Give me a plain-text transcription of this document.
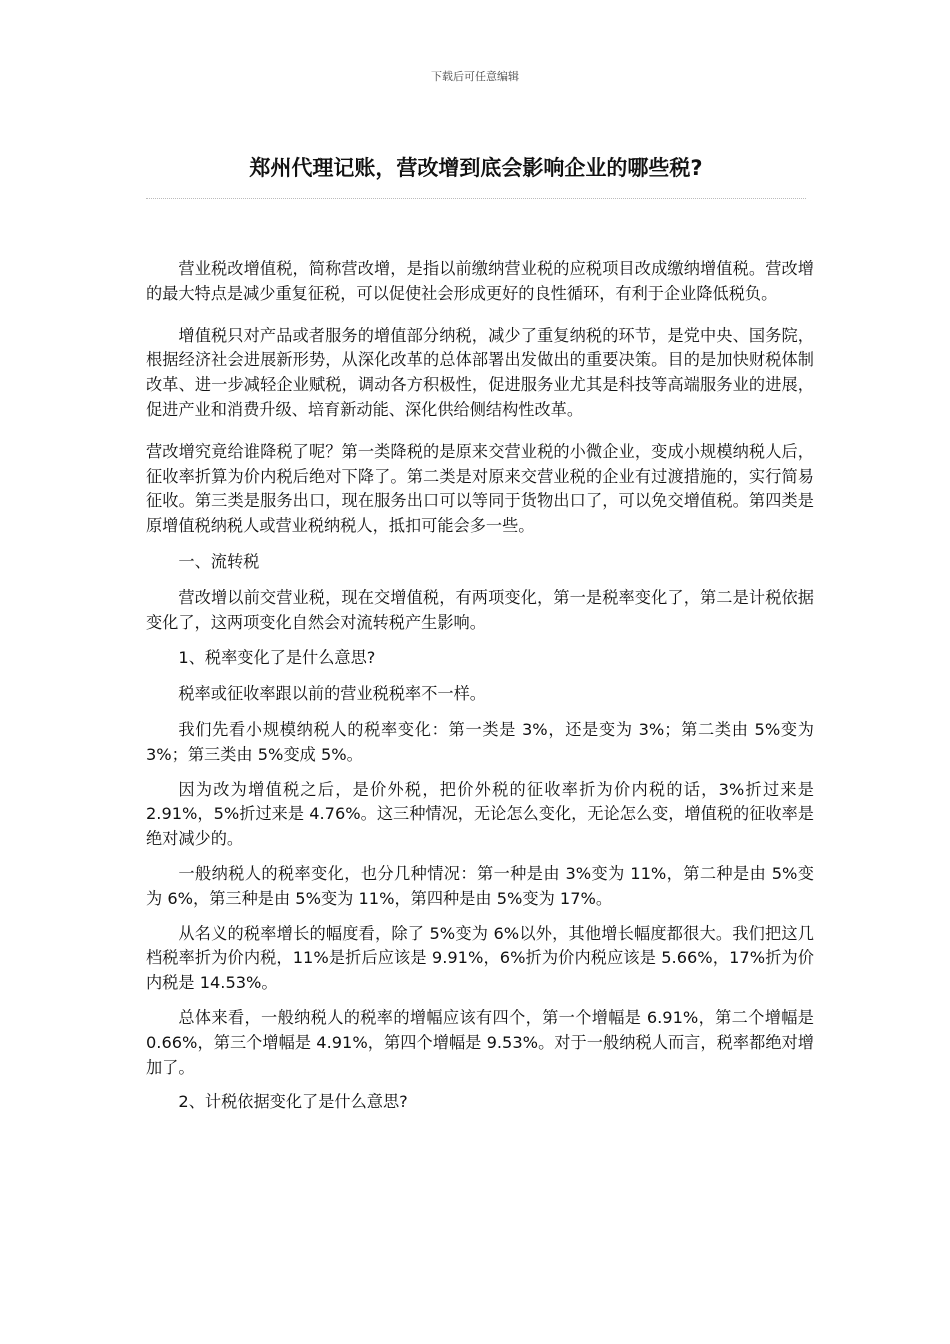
下载后可任意编辑
郑州代理记账，营改增到底会影响企业的哪些税?

营业税改增值税，简称营改增，是指以前缴纳营业税的应税项目改成缴纳增值税。营改增的最大特点是减少重复征税，可以促使社会形成更好的良性循环，有利于企业降低税负。

增值税只对产品或者服务的增值部分纳税，减少了重复纳税的环节，是党中央、国务院，根据经济社会进展新形势，从深化改革的总体部署出发做出的重要决策。目的是加快财税体制改革、进一步减轻企业赋税，调动各方积极性，促进服务业尤其是科技等高端服务业的进展，促进产业和消费升级、培育新动能、深化供给侧结构性改革。

营改增究竟给谁降税了呢？第一类降税的是原来交营业税的小微企业，变成小规模纳税人后，征收率折算为价内税后绝对下降了。第二类是对原来交营业税的企业有过渡措施的，实行简易征收。第三类是服务出口，现在服务出口可以等同于货物出口了，可以免交增值税。第四类是原增值税纳税人或营业税纳税人，抵扣可能会多一些。

一、流转税

营改增以前交营业税，现在交增值税，有两项变化，第一是税率变化了，第二是计税依据变化了，这两项变化自然会对流转税产生影响。

1、税率变化了是什么意思?

税率或征收率跟以前的营业税税率不一样。

我们先看小规模纳税人的税率变化：第一类是 3%，还是变为 3%；第二类由 5%变为 3%；第三类由 5%变成 5%。

因为改为增值税之后，是价外税，把价外税的征收率折为价内税的话，3%折过来是 2.91%，5%折过来是 4.76%。这三种情况，无论怎么变化，无论怎么变，增值税的征收率是绝对减少的。

一般纳税人的税率变化，也分几种情况：第一种是由 3%变为 11%，第二种是由 5%变为 6%，第三种是由 5%变为 11%，第四种是由 5%变为 17%。

从名义的税率增长的幅度看，除了 5%变为 6%以外，其他增长幅度都很大。我们把这几档税率折为价内税，11%是折后应该是 9.91%，6%折为价内税应该是 5.66%，17%折为价内税是 14.53%。

总体来看，一般纳税人的税率的增幅应该有四个，第一个增幅是 6.91%，第二个增幅是 0.66%，第三个增幅是 4.91%，第四个增幅是 9.53%。对于一般纳税人而言，税率都绝对增加了。

2、计税依据变化了是什么意思?
